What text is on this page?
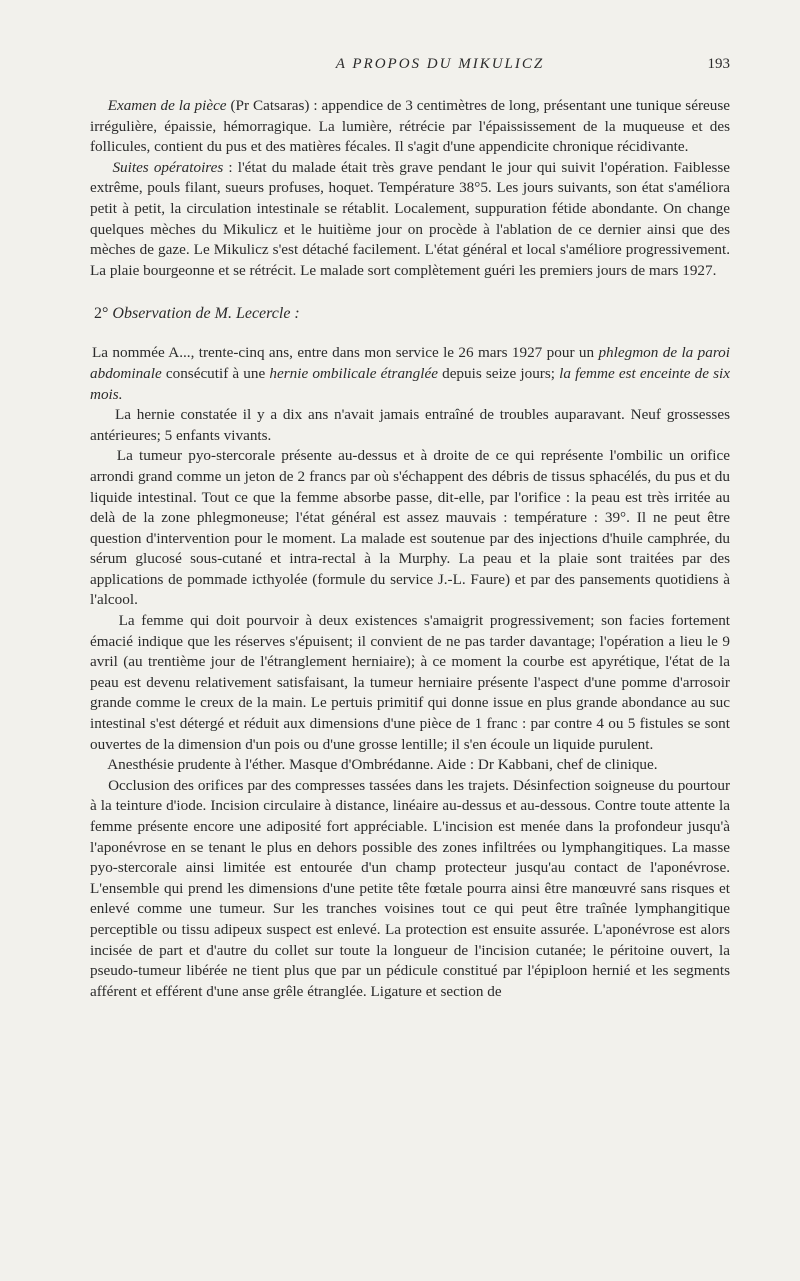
A PROPOS DU MIKULICZ	193

Examen de la pièce (Pr Catsaras) : appendice de 3 centimètres de long, présentant une tunique séreuse irrégulière, épaissie, hémorragique. La lumière, rétrécie par l'épaississement de la muqueuse et des follicules, contient du pus et des matières fécales. Il s'agit d'une appendicite chronique récidivante.

Suites opératoires : l'état du malade était très grave pendant le jour qui suivit l'opération. Faiblesse extrême, pouls filant, sueurs profuses, hoquet. Température 38°5. Les jours suivants, son état s'améliora petit à petit, la circulation intestinale se rétablit. Localement, suppuration fétide abondante. On change quelques mèches du Mikulicz et le huitième jour on procède à l'ablation de ce dernier ainsi que des mèches de gaze. Le Mikulicz s'est détaché facilement. L'état général et local s'améliore progressivement. La plaie bourgeonne et se rétrécit. Le malade sort complètement guéri les premiers jours de mars 1927.

2° Observation de M. Lecercle :

La nommée A..., trente-cinq ans, entre dans mon service le 26 mars 1927 pour un phlegmon de la paroi abdominale consécutif à une hernie ombilicale étranglée depuis seize jours; la femme est enceinte de six mois.

La hernie constatée il y a dix ans n'avait jamais entraîné de troubles auparavant. Neuf grossesses antérieures; 5 enfants vivants.

La tumeur pyo-stercorale présente au-dessus et à droite de ce qui représente l'ombilic un orifice arrondi grand comme un jeton de 2 francs par où s'échappent des débris de tissus sphacélés, du pus et du liquide intestinal. Tout ce que la femme absorbe passe, dit-elle, par l'orifice : la peau est très irritée au delà de la zone phlegmoneuse; l'état général est assez mauvais : température : 39°. Il ne peut être question d'intervention pour le moment. La malade est soutenue par des injections d'huile camphrée, du sérum glucosé sous-cutané et intra-rectal à la Murphy. La peau et la plaie sont traitées par des applications de pommade icthyolée (formule du service J.-L. Faure) et par des pansements quotidiens à l'alcool.

La femme qui doit pourvoir à deux existences s'amaigrit progressivement; son facies fortement émacié indique que les réserves s'épuisent; il convient de ne pas tarder davantage; l'opération a lieu le 9 avril (au trentième jour de l'étranglement herniaire); à ce moment la courbe est apyrétique, l'état de la peau est devenu relativement satisfaisant, la tumeur herniaire présente l'aspect d'une pomme d'arrosoir grande comme le creux de la main. Le pertuis primitif qui donne issue en plus grande abondance au suc intestinal s'est détergé et réduit aux dimensions d'une pièce de 1 franc : par contre 4 ou 5 fistules se sont ouvertes de la dimension d'un pois ou d'une grosse lentille; il s'en écoule un liquide purulent.

Anesthésie prudente à l'éther. Masque d'Ombrédanne. Aide : Dr Kabbani, chef de clinique.

Occlusion des orifices par des compresses tassées dans les trajets. Désinfection soigneuse du pourtour à la teinture d'iode. Incision circulaire à distance, linéaire au-dessus et au-dessous. Contre toute attente la femme présente encore une adiposité fort appréciable. L'incision est menée dans la profondeur jusqu'à l'aponévrose en se tenant le plus en dehors possible des zones infiltrées ou lymphangitiques. La masse pyo-stercorale ainsi limitée est entourée d'un champ protecteur jusqu'au contact de l'aponévrose. L'ensemble qui prend les dimensions d'une petite tête fœtale pourra ainsi être manœuvré sans risques et enlevé comme une tumeur. Sur les tranches voisines tout ce qui peut être traînée lymphangitique perceptible ou tissu adipeux suspect est enlevé. La protection est ensuite assurée. L'aponévrose est alors incisée de part et d'autre du collet sur toute la longueur de l'incision cutanée; le péritoine ouvert, la pseudo-tumeur libérée ne tient plus que par un pédicule constitué par l'épiploon hernié et les segments afférent et efférent d'une anse grêle étranglée. Ligature et section de
